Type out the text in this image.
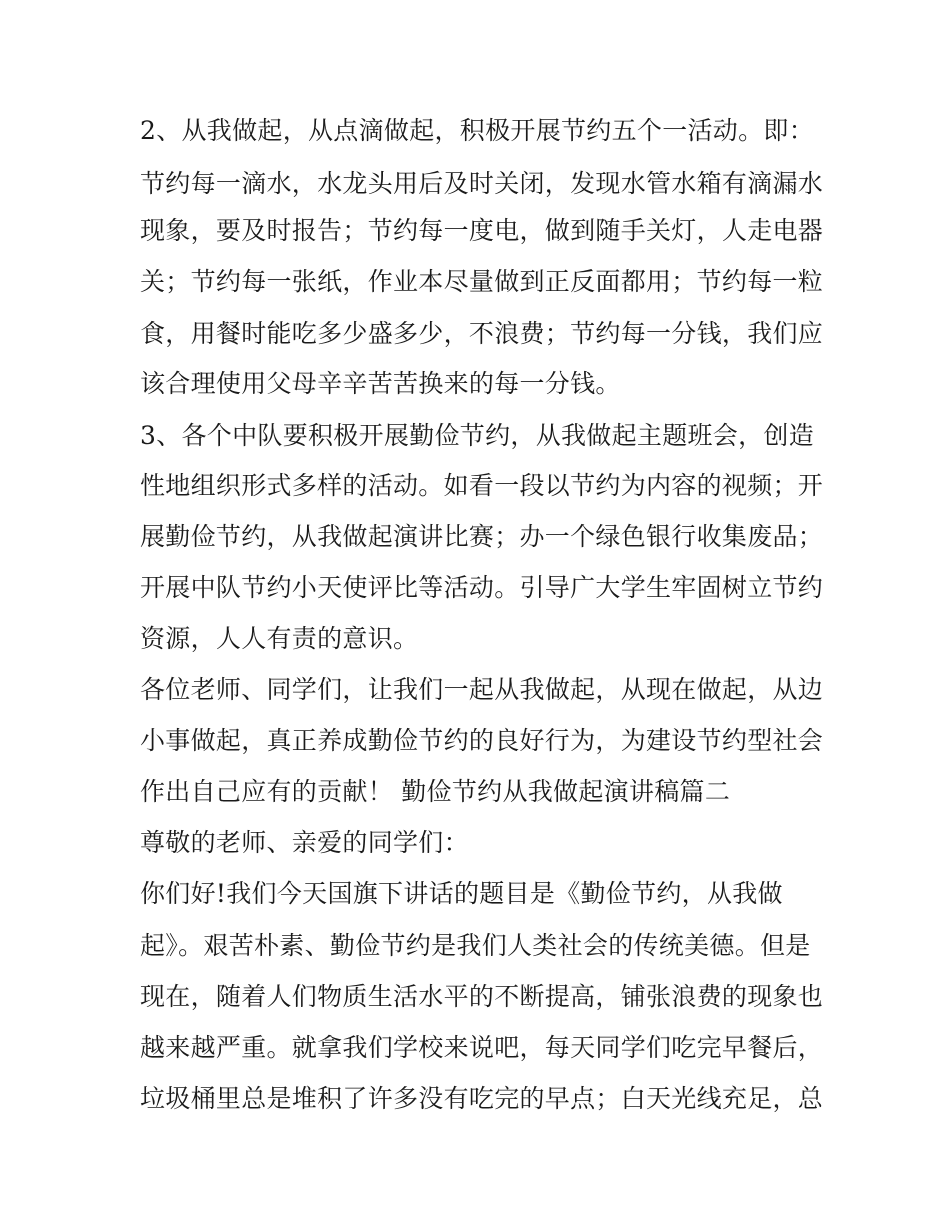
2、从我做起，从点滴做起，积极开展节约五个一活动。即：
节约每一滴水，水龙头用后及时关闭，发现水管水箱有滴漏水
现象，要及时报告；节约每一度电，做到随手关灯，人走电器
关；节约每一张纸，作业本尽量做到正反面都用；节约每一粒
食，用餐时能吃多少盛多少，不浪费；节约每一分钱，我们应
该合理使用父母辛辛苦苦换来的每一分钱。
3、各个中队要积极开展勤俭节约，从我做起主题班会，创造
性地组织形式多样的活动。如看一段以节约为内容的视频；开
展勤俭节约，从我做起演讲比赛；办一个绿色银行收集废品；
开展中队节约小天使评比等活动。引导广大学生牢固树立节约
资源，人人有责的意识。
各位老师、同学们，让我们一起从我做起，从现在做起，从边
小事做起，真正养成勤俭节约的良好行为，为建设节约型社会
作出自己应有的贡献！ 勤俭节约从我做起演讲稿篇二
尊敬的老师、亲爱的同学们：
你们好!我们今天国旗下讲话的题目是《勤俭节约，从我做
起》。艰苦朴素、勤俭节约是我们人类社会的传统美德。但是
现在，随着人们物质生活水平的不断提高，铺张浪费的现象也
越来越严重。就拿我们学校来说吧，每天同学们吃完早餐后，
垃圾桶里总是堆积了许多没有吃完的早点；白天光线充足，总
